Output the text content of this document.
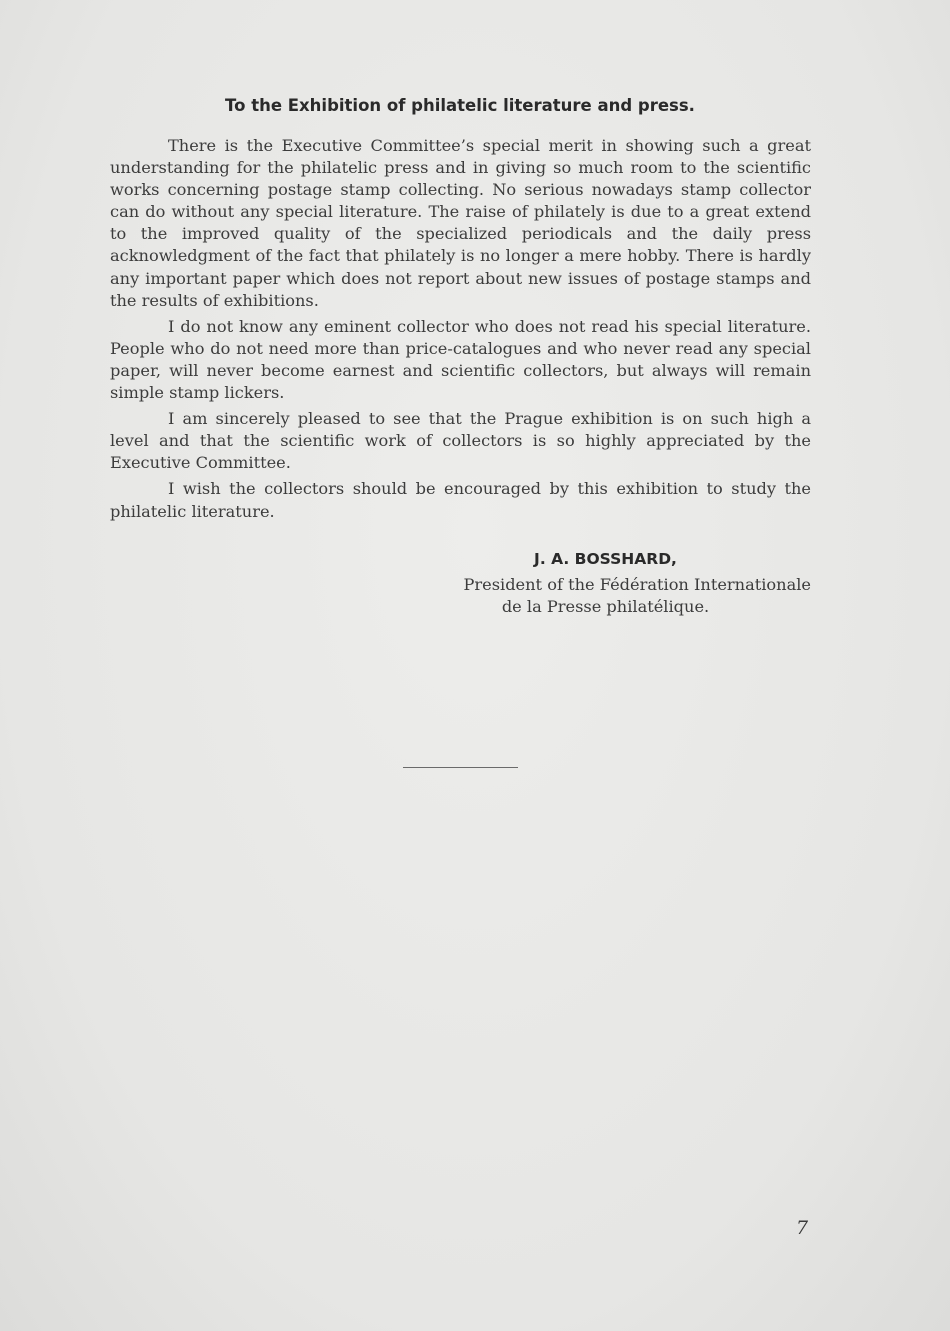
To the Exhibition of philatelic literature and press.

There is the Executive Committee’s special merit in showing such a great understanding for the philatelic press and in giving so much room to the scientific works concerning postage stamp collecting. No serious nowadays stamp collector can do without any special literature. The raise of philately is due to a great extend to the improved quality of the specialized periodicals and the daily press acknowledgment of the fact that philately is no longer a mere hobby. There is hardly any important paper which does not report about new issues of postage stamps and the results of exhibitions.

I do not know any eminent collector who does not read his special literature. People who do not need more than price-catalogues and who never read any special paper, will never become earnest and scientific collectors, but always will remain simple stamp lickers.

I am sincerely pleased to see that the Prague exhibition is on such high a level and that the scientific work of collectors is so highly appreciated by the Executive Committee.

I wish the collectors should be encouraged by this exhibition to study the philatelic literature.

J. A. BOSSHARD,
President of the Fédération Internationale
de la Presse philatélique.
7
